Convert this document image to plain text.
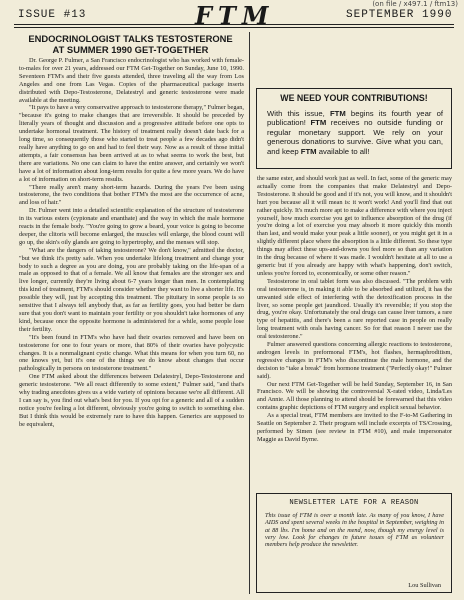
ISSUE #13	FTM	SEPTEMBER 1990
(on file / x497.1 / ftm13)
ENDOCRINOLOGIST TALKS TESTOSTERONE
AT SUMMER 1990 GET-TOGETHER

Dr. George P. Fulmer, a San Francisco endocrinologist who has worked with female-to-males for over 21 years, addressed our FTM Get-Together on Sunday, June 10, 1990. Seventeen FTM's and their five guests attended, three traveling all the way from Los Angeles and one from Las Vegas. Copies of the pharmaceutical package inserts distributed with Depo-Testosterone, Delatestryl and generic testosterone were made available at the meeting.

"It pays to have a very conservative approach to testosterone therapy," Fulmer began, "because it's going to make changes that are irreversible. It should be preceded by literally years of thought and discussion and a progressive attitude before one opts to undertake hormonal treatment. The history of treatment really doesn't date back for a long time, so consequently those who started to treat people a few decades ago didn't really have anything to go on and had to feel their way. Now as a result of those initial attempts, a fair consensus has been arrived at as to what seems to work the best, but there are variations. No one can claim to have the entire answer, and certainly we won't have a lot of information about long-term results for quite a few more years. We do have a lot of information on short-term results.

"There really aren't many short-term hazards. During the years I've been using testosterone, the two conditions that bother FTM's the most are the occurrence of acne, and loss of hair."

Dr. Fulmer went into a detailed scientific explanation of the structure of testosterone in its various esters (cypionate and enanthate) and the way in which the male hormone reacts in the female body. "You're going to grow a beard, your voice is going to become deeper, the clitoris will become enlarged, the muscles will enlarge, the blood count will go up, the skin's oily glands are going to hypertrophy, and the menses will stop.

"What are the dangers of taking testosterone? We don't know," admitted the doctor, "but we think it's pretty safe. When you undertake lifelong treatment and change your body to such a degree as you are doing, you are probably taking on the life-span of a male as opposed to that of a female. We all know that females are the stronger sex and live longer, currently they're living about 6-7 years longer than men. In contemplating this kind of treatment, FTM's should consider whether they want to live a shorter life. It's possible they will, just by accepting this treatment. The pituitary in some people is so sensitive that I always tell anybody that, as far as fertility goes, you had better be darn sure that you don't want to maintain your fertility or you shouldn't take hormones of any kind, because once the opposite hormone is administered for a while, some people lose their fertility.

"It's been found in FTM's who have had their ovaries removed and have been on testosterone for one to four years or more, that 80% of their ovaries have polycystic changes. It is a nonmalignant cystic change. What this means for when you turn 60, no one knows yet, but it's one of the things we do know about changes that occur pathologically in persons on testosterone treatment."

One FTM asked about the differences between Delatestryl, Depo-Testosterone and generic testosterone. "We all react differently to some extent," Fulmer said, "and that's why trading anecdotes gives us a wide variety of opinions because we're all different. All I can say is, you find out what's best for you. If you opt for a generic and all of a sudden notice you're feeling a lot different, obviously you're going to switch to something else. But I think this would be extremely rare to have this happen. Generics are supposed to be equivalent,

WE NEED YOUR CONTRIBUTIONS!
With this issue, FTM begins its fourth year of publication! FTM receives no outside funding or regular monetary support. We rely on your generous donations to survive. Give what you can, and keep FTM available to all!

the same ester, and should work just as well. In fact, some of the generic may actually come from the companies that make Delatestryl and Depo-Testosterone. It should be good and if it's not, you will know, and it shouldn't hurt you because all it will mean is: it won't work! And you'll find that out rather quickly. It's much more apt to make a difference with where you inject yourself, how much exercise you get to influence absorption of the drug (if you're doing a lot of exercise you may absorb it more quickly this month than last, and would make your peak a little sooner), or you might get it in a slightly different place where the absorption is a little different. So these type things may affect these ups-and-downs you feel more so than any variation in the drug because of where it was made. I wouldn't hesitate at all to use a generic but if you already are happy with what's happening, don't switch, unless you're forced to, economically, or some other reason."

Testosterone in oral tablet form was also discussed. "The problem with oral testosterone is, in making it able to be absorbed and utilized, it has the unwanted side effect of interfering with the detoxification process in the liver, so some people get jaundiced. Usually it's reversible; if you stop the drug, you're okay. Unfortunately the oral drugs can cause liver tumors, a rare type of hepatitis, and there's been a rare reported case in people on really long treatment with orals having cancer. So for that reason I never use the oral testosterone."

Fulmer answered questions concerning allergic reactions to testosterone, androgen levels in preformonal FTM's, hot flashes, hermaphroditism, regressive changes in FTM's who discontinue the male hormone, and the decision to "take a break" from hormone treatment ("Perfectly okay!" Fulmer said).

Our next FTM Get-Together will be held Sunday, September 16, in San Francisco. We will be showing the controversial X-rated video, Linda/Les and Annie. All those planning to attend should be forewarned that this video contains graphic depictions of FTM surgery and explicit sexual behavior.

As a special treat, FTM members are invited to the F-to-M Gathering in Seattle on September 2. Their program will include excerpts of TS/Crossing, performed by Simen (see review in FTM #10), and male impersonator Maggie as David Byrne.

NEWSLETTER LATE FOR A REASON
This issue of FTM is over a month late. As many of you know, I have AIDS and spent several weeks in the hospital in September, weighing in at 88 lbs. I'm home and on the mend, now, though my energy level is very low. Look for changes in future issues of FTM as volunteer members help produce the newsletter.
Lou Sullivan
